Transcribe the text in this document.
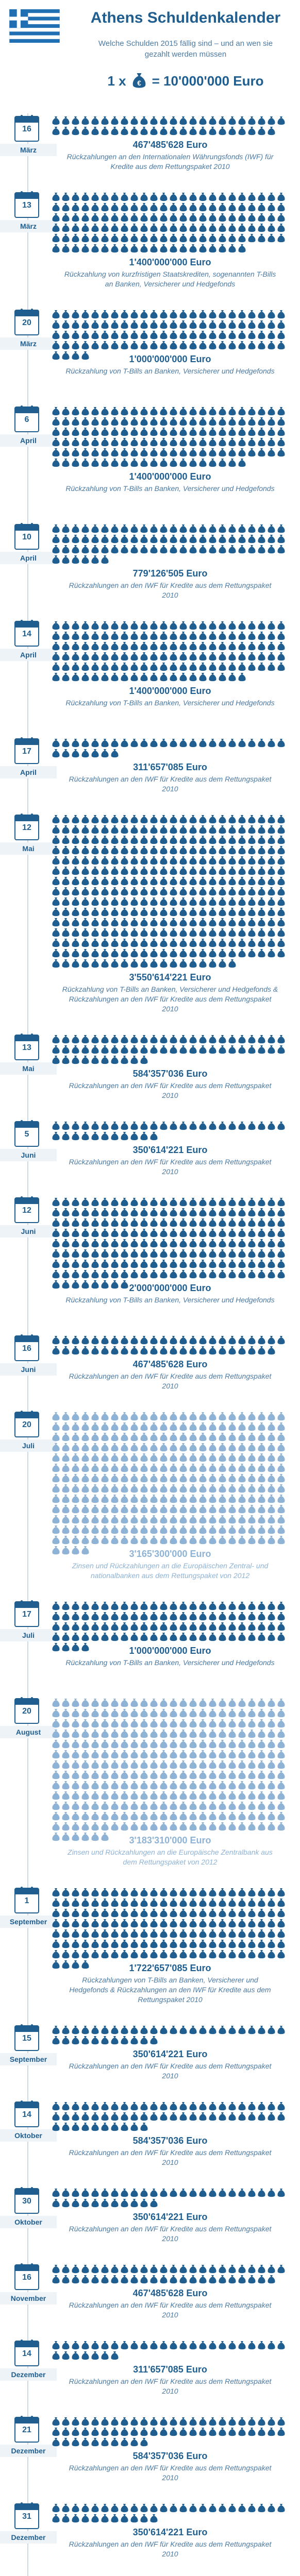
Athens Schuldenkalender
Welche Schulden 2015 fällig sind – und an wen sie gezahlt werden müssen
1 x € = 10'000'000 Euro
16
März	467'485'628 Euro
Rückzahlungen an den Internationalen Währungsfonds (IWF) für Kredite aus dem Rettungspaket 2010
13
März
1'400'000'000 Euro
Rückzahlung von kurzfristigen Staatskrediten, sogenannten T-Bills an Banken, Versicherer und Hedgefonds
20
März
1'000'000'000 Euro
Rückzahlung von T-Bills an Banken, Versicherer und Hedgefonds
6
April
1'400'000'000 Euro
Rückzahlung von T-Bills an Banken, Versicherer und Hedgefonds
10
April
779'126'505 Euro
Rückzahlungen an den IWF für Kredite aus dem Rettungspaket 2010
14
April
1'400'000'000 Euro
Rückzahlung von T-Bills an Banken, Versicherer und Hedgefonds
17
April	311'657'085 Euro
Rückzahlungen an den IWF für Kredite aus dem Rettungspaket 2010
12
Mai
3'550'614'221 Euro
Rückzahlung von T-Bills an Banken, Versicherer und Hedgefonds & Rückzahlungen an den IWF für Kredite aus dem Rettungspaket 2010
13
Mai	584'357'036 Euro
Rückzahlungen an den IWF für Kredite aus dem Rettungspaket 2010
5
Juni	350'614'221 Euro
Rückzahlungen an den IWF für Kredite aus dem Rettungspaket 2010
12
Juni
2'000'000'000 Euro
Rückzahlung von T-Bills an Banken, Versicherer und Hedgefonds
16
Juni	467'485'628 Euro
Rückzahlungen an den IWF für Kredite aus dem Rettungspaket 2010
20
Juli
3'165'300'000 Euro
Zinsen und Rückzahlungen an die Europäischen Zentral- und nationalbanken aus dem Rettungspaket von 2012
17
Juli
1'000'000'000 Euro
Rückzahlung von T-Bills an Banken, Versicherer und Hedgefonds
20
August
3'183'310'000 Euro
Zinsen und Rückzahlungen an die Europäische Zentralbank aus dem Rettungspaket von 2012
1
September
1'722'657'085 Euro
Rückzahlungen von T-Bills an Banken, Versicherer und Hedgefonds & Rückzahlungen an den IWF für Kredite aus dem Rettungspaket 2010
15
September	350'614'221 Euro
Rückzahlungen an den IWF für Kredite aus dem Rettungspaket 2010
14
Oktober	584'357'036 Euro
Rückzahlungen an den IWF für Kredite aus dem Rettungspaket 2010
30
Oktober	350'614'221 Euro
Rückzahlungen an den IWF für Kredite aus dem Rettungspaket 2010
16
November	467'485'628 Euro
Rückzahlungen an den IWF für Kredite aus dem Rettungspaket 2010
14
Dezember	311'657'085 Euro
Rückzahlungen an den IWF für Kredite aus dem Rettungspaket 2010
21
Dezember	584'357'036 Euro
Rückzahlungen an den IWF für Kredite aus dem Rettungspaket 2010
31
Dezember	350'614'221 Euro
Rückzahlungen an den IWF für Kredite aus dem Rettungspaket 2010
